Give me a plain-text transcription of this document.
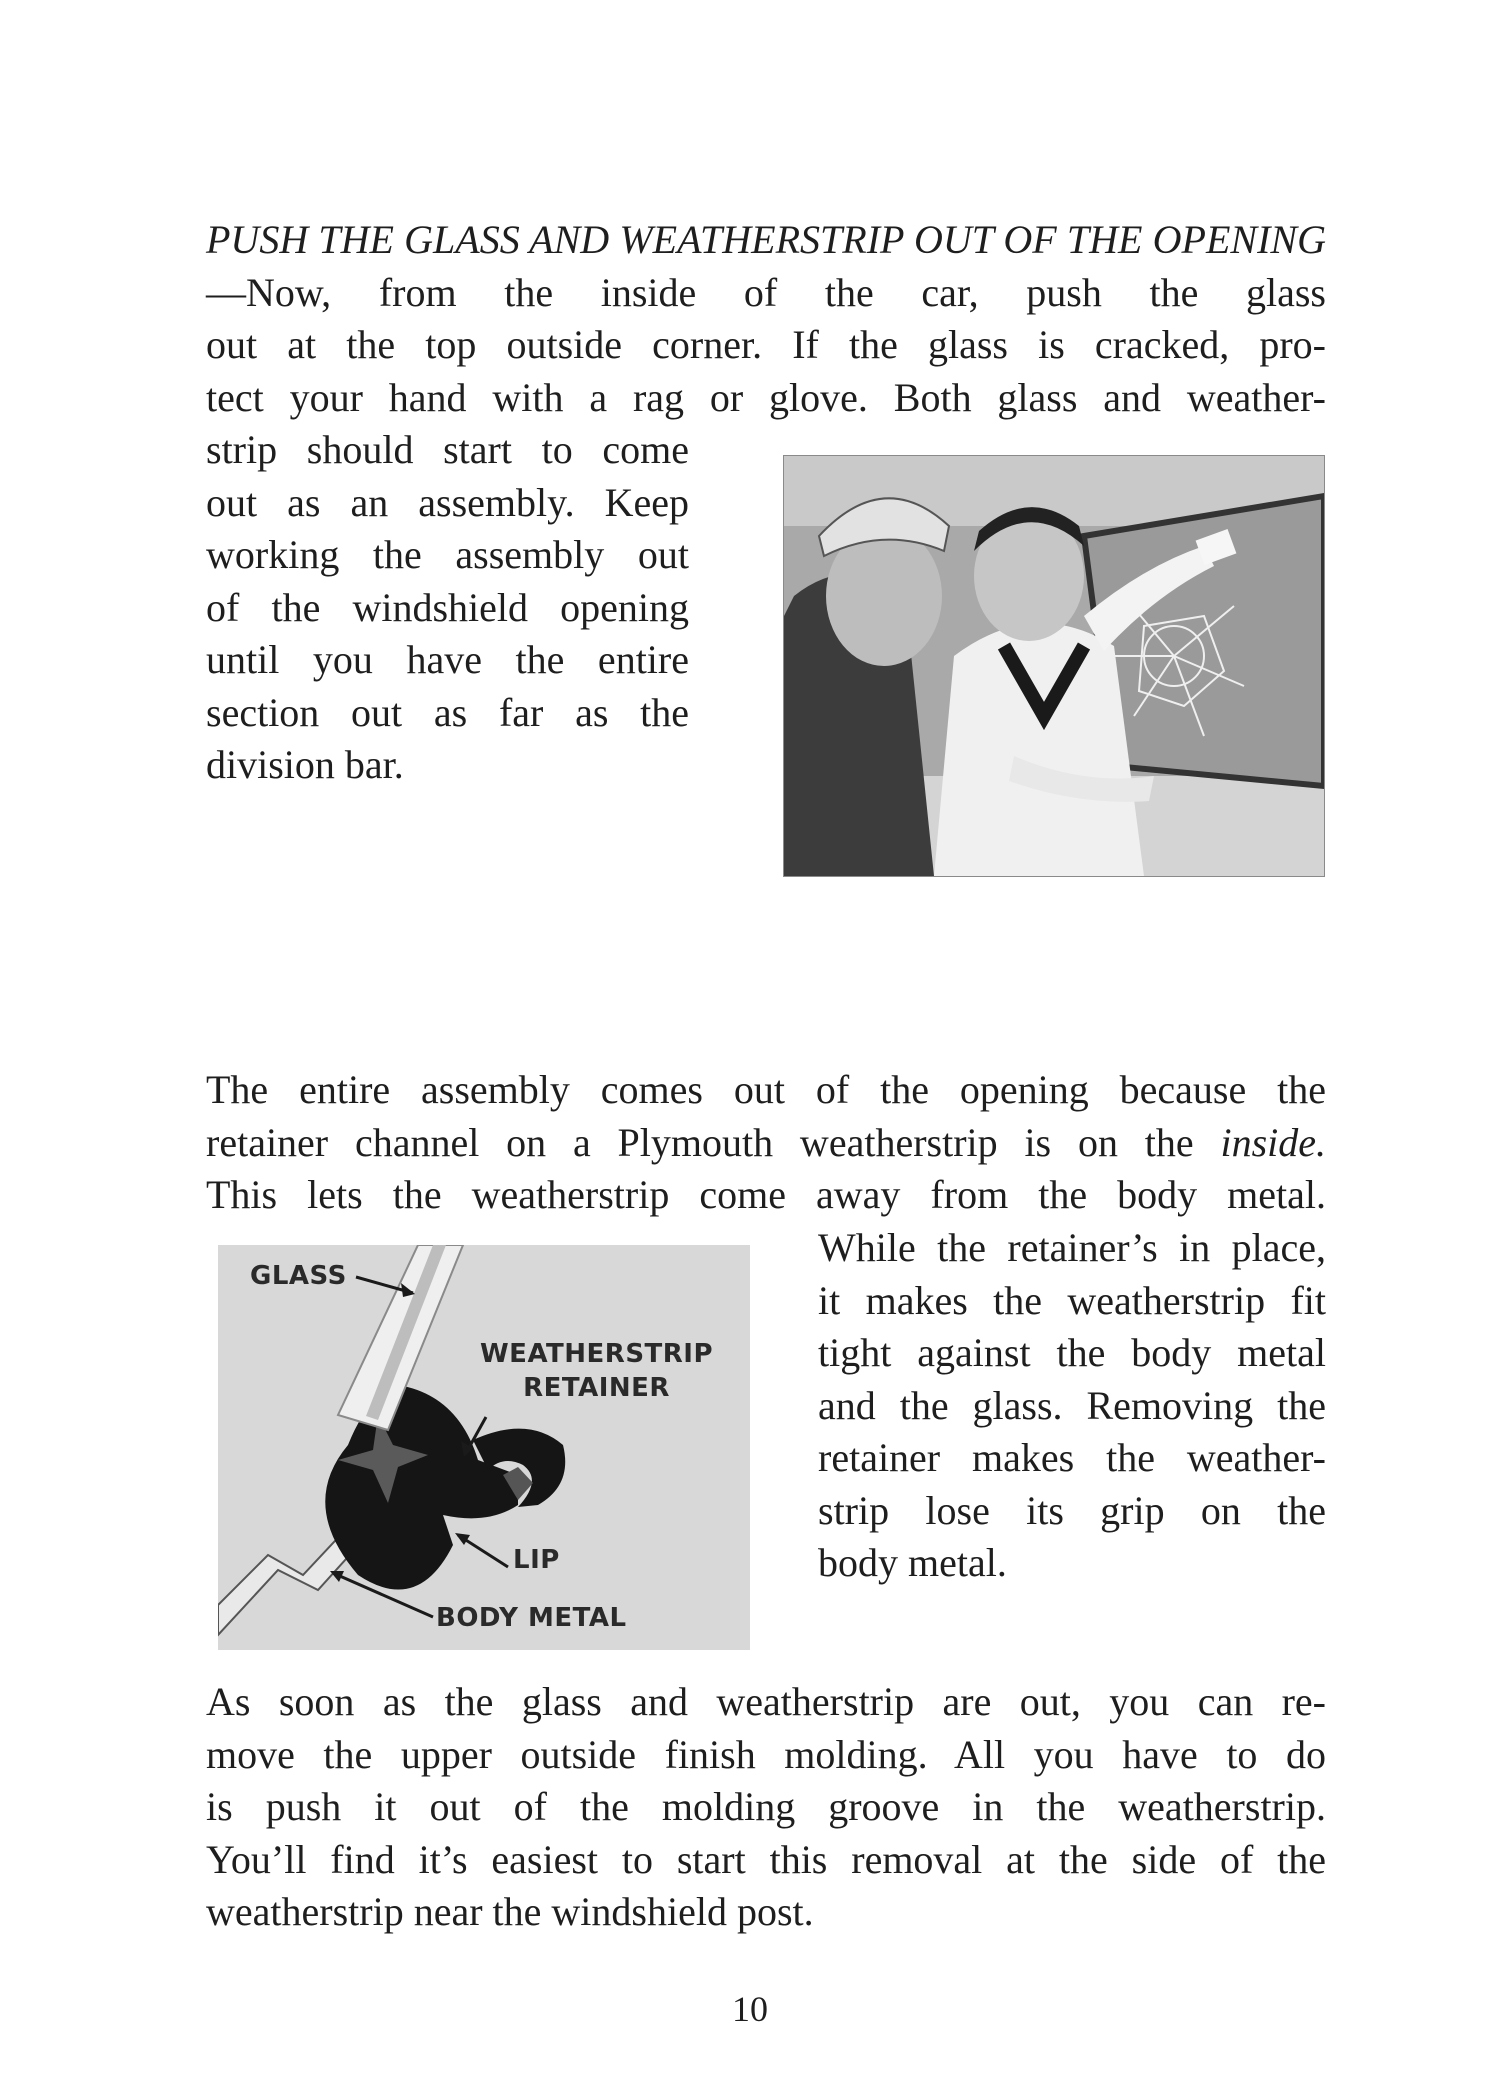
PUSH THE GLASS AND WEATHERSTRIP OUT OF THE OPENING—Now, from the inside of the car, push the glass
out at the top outside corner. If the glass is cracked, pro-
tect your hand with a rag or glove. Both glass and weather-
strip should start to come
out as an assembly. Keep
working the assembly out
of the windshield opening
until you have the entire
section out as far as the
division bar.
The entire assembly comes out of the opening because the
retainer channel on a Plymouth weatherstrip is on the inside.
This lets the weatherstrip come away from the body metal.
GLASS
WEATHERSTRIP
RETAINER
LIP
BODY METAL
While the retainer’s in place,
it makes the weatherstrip fit
tight against the body metal
and the glass. Removing the
retainer makes the weather-
strip lose its grip on the
body metal.
As soon as the glass and weatherstrip are out, you can re-
move the upper outside finish molding. All you have to do
is push it out of the molding groove in the weatherstrip.
You’ll find it’s easiest to start this removal at the side of the
weatherstrip near the windshield post.
10
